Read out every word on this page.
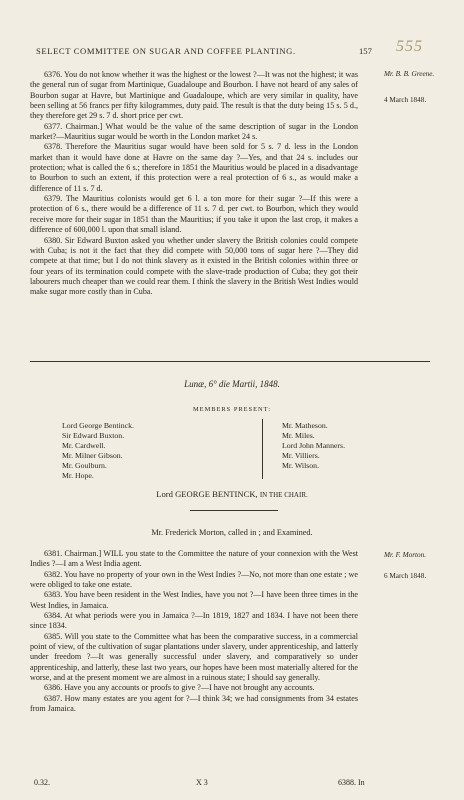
SELECT COMMITTEE ON SUGAR AND COFFEE PLANTING.	157 555
Mr. B. B. Greene.
4 March 1848.

6376. You do not know whether it was the highest or the lowest ?—It was not the highest; it was the general run of sugar from Martinique, Guadaloupe and Bourbon. I have not heard of any sales of Bourbon sugar at Havre, but Martinique and Guadaloupe, which are very similar in quality, have been selling at 56 francs per fifty kilogrammes, duty paid. The result is that the duty being 15 s. 5 d., they therefore get 29 s. 7 d. short price per cwt.

6377. Chairman.] What would be the value of the same description of sugar in the London market?—Mauritius sugar would be worth in the London market 24 s.

6378. Therefore the Mauritius sugar would have been sold for 5 s. 7 d. less in the London market than it would have done at Havre on the same day ?—Yes, and that 24 s. includes our protection; what is called the 6 s.; therefore in 1851 the Mauritius would be placed in a disadvantage to Bourbon to such an extent, if this protection were a real protection of 6 s., as would make a difference of 11 s. 7 d.

6379. The Mauritius colonists would get 6 l. a ton more for their sugar ?—If this were a protection of 6 s., there would be a difference of 11 s. 7 d. per cwt. to Bourbon, which they would receive more for their sugar in 1851 than the Mauritius; if you take it upon the last crop, it makes a difference of 600,000 l. upon that small island.

6380. Sir Edward Buxton asked you whether under slavery the British colonies could compete with Cuba; is not it the fact that they did compete with 50,000 tons of sugar here ?—They did compete at that time; but I do not think slavery as it existed in the British colonies within three or four years of its termination could compete with the slave-trade production of Cuba; they got their labourers much cheaper than we could rear them. I think the slavery in the British West Indies would make sugar more costly than in Cuba.

Lunæ, 6° die Martii, 1848.
MEMBERS PRESENT:
Lord George Bentinck.
Sir Edward Buxton.
Mr. Cardwell.
Mr. Milner Gibson.
Mr. Goulburn.
Mr. Hope.
Mr. Matheson.
Mr. Miles.
Lord John Manners.
Mr. Villiers.
Mr. Wilson.
Lord GEORGE BENTINCK, IN THE CHAIR.
Mr. Frederick Morton, called in ; and Examined.
Mr. F. Morton.
6 March 1848.

6381. Chairman.] WILL you state to the Committee the nature of your connexion with the West Indies ?—I am a West India agent.

6382. You have no property of your own in the West Indies ?—No, not more than one estate ; we were obliged to take one estate.

6383. You have been resident in the West Indies, have you not ?—I have been three times in the West Indies, in Jamaica.

6384. At what periods were you in Jamaica ?—In 1819, 1827 and 1834. I have not been there since 1834.

6385. Will you state to the Committee what has been the comparative success, in a commercial point of view, of the cultivation of sugar plantations under slavery, under apprenticeship, and latterly under freedom ?—It was generally successful under slavery, and comparatively so under apprenticeship, and latterly, these last two years, our hopes have been most materially altered for the worse, and at the present moment we are almost in a ruinous state; I should say generally.

6386. Have you any accounts or proofs to give ?—I have not brought any accounts.

6387. How many estates are you agent for ?—I think 34; we had consignments from 34 estates from Jamaica.

0.32.	X 3	6388. In
